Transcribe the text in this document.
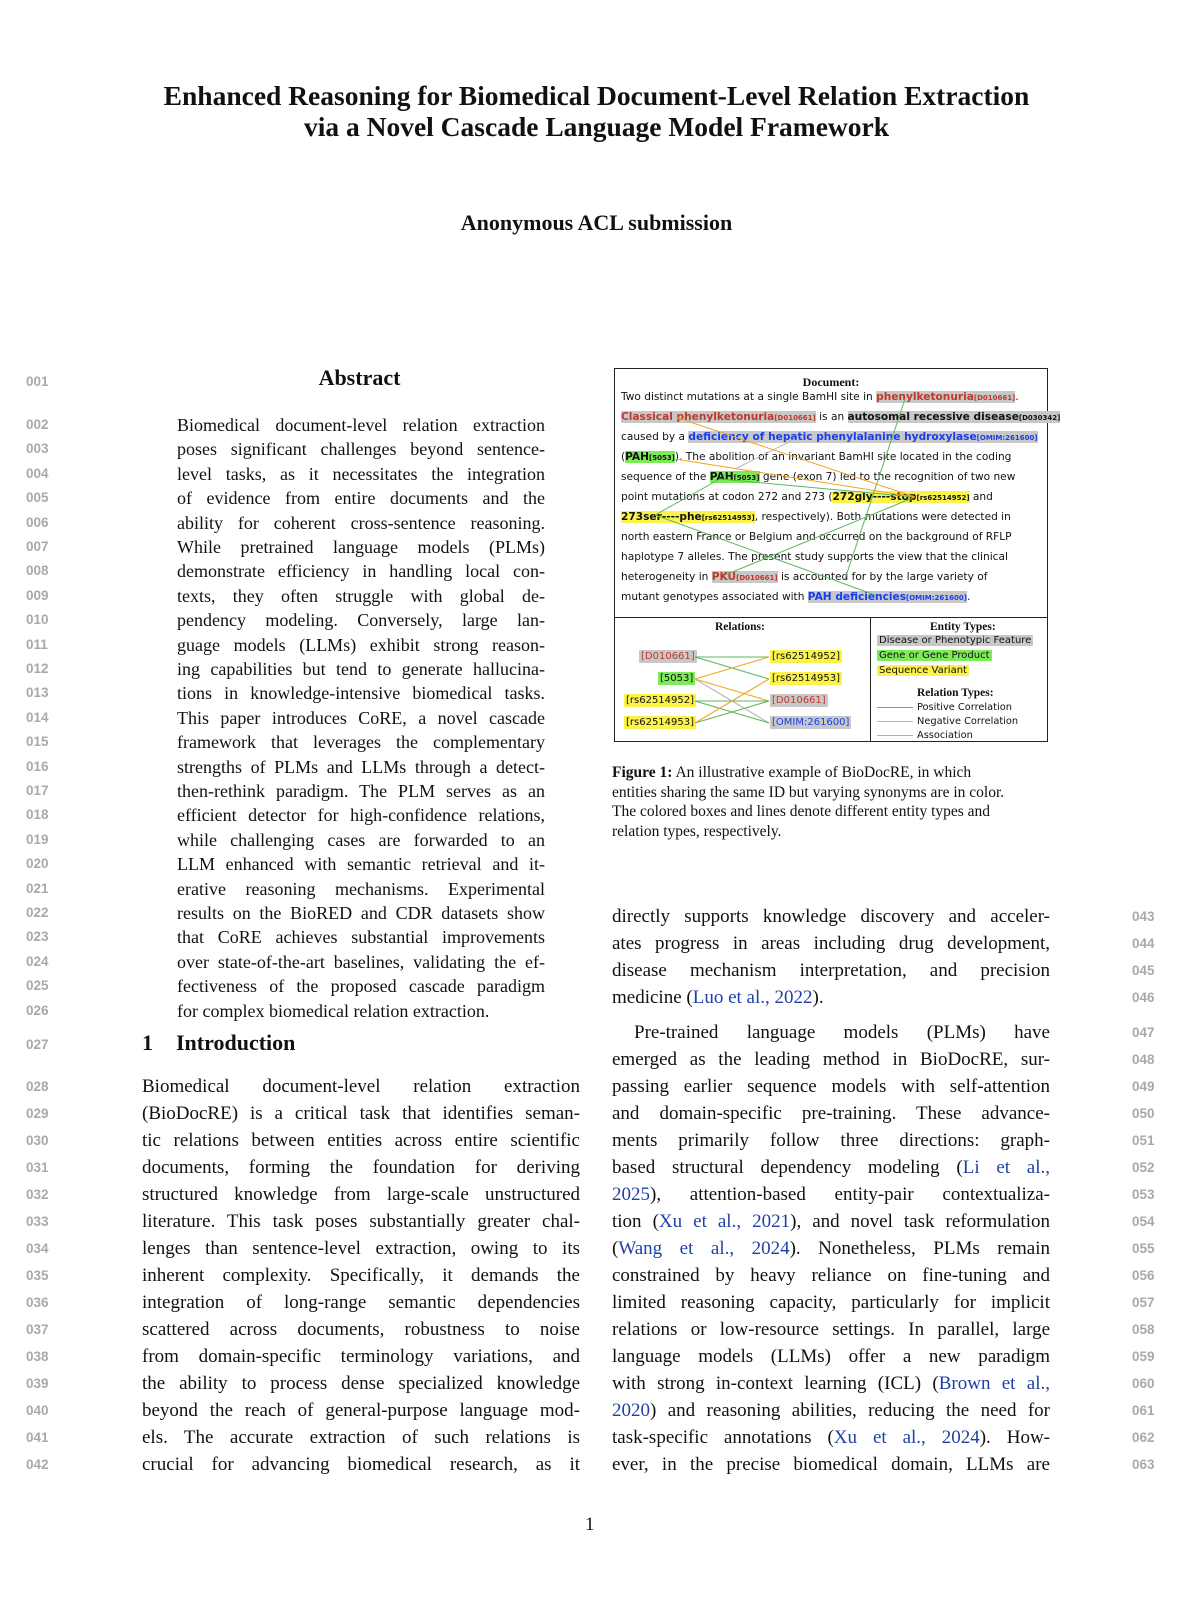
Enhanced Reasoning for Biomedical Document-Level Relation Extraction
via a Novel Cascade Language Model Framework
Anonymous ACL submission
001
002
003
004
005
006
007
008
009
010
011
012
013
014
015
016
017
018
019
020
021
022
023
024
025
026
027
028
029
030
031
032
033
034
035
036
037
038
039
040
041
042
043
044
045
046
047
048
049
050
051
052
053
054
055
056
057
058
059
060
061
062
063
Abstract
Biomedical document-level relation extraction
poses significant challenges beyond sentence-
level tasks, as it necessitates the integration
of evidence from entire documents and the
ability for coherent cross-sentence reasoning.
While pretrained language models (PLMs)
demonstrate efficiency in handling local con-
texts, they often struggle with global de-
pendency modeling. Conversely, large lan-
guage models (LLMs) exhibit strong reason-
ing capabilities but tend to generate hallucina-
tions in knowledge-intensive biomedical tasks.
This paper introduces CoRE, a novel cascade
framework that leverages the complementary
strengths of PLMs and LLMs through a detect-
then-rethink paradigm. The PLM serves as an
efficient detector for high-confidence relations,
while challenging cases are forwarded to an
LLM enhanced with semantic retrieval and it-
erative reasoning mechanisms. Experimental
results on the BioRED and CDR datasets show
that CoRE achieves substantial improvements
over state-of-the-art baselines, validating the ef-
fectiveness of the proposed cascade paradigm
for complex biomedical relation extraction.
1 Introduction
Biomedical document-level relation extraction
(BioDocRE) is a critical task that identifies seman-
tic relations between entities across entire scientific
documents, forming the foundation for deriving
structured knowledge from large-scale unstructured
literature. This task poses substantially greater chal-
lenges than sentence-level extraction, owing to its
inherent complexity. Specifically, it demands the
integration of long-range semantic dependencies
scattered across documents, robustness to noise
from domain-specific terminology variations, and
the ability to process dense specialized knowledge
beyond the reach of general-purpose language mod-
els. The accurate extraction of such relations is
crucial for advancing biomedical research, as it
Document:
Two distinct mutations at a single BamHI site in phenylketonuria[D010661].
Classical phenylketonuria[D010661] is an autosomal recessive disease[D030342]
caused by a deficiency of hepatic phenylalanine hydroxylase[OMIM:261600]
(PAH[5053]). The abolition of an invariant BamHI site located in the coding
sequence of the PAH[5053] gene (exon 7) led to the recognition of two new
point mutations at codon 272 and 273 (272gly----stop[rs62514952] and
273ser----phe[rs62514953], respectively). Both mutations were detected in
north eastern France or Belgium and occurred on the background of RFLP
haplotype 7 alleles. The present study supports the view that the clinical
heterogeneity in PKU[D010661] is accounted for by the large variety of
mutant genotypes associated with PAH deficiencies[OMIM:261600].
Relations:
[D010661]
[5053]
[rs62514952]
[rs62514953]
[rs62514952]
[rs62514953]
[D010661]
[OMIM:261600]
Entity Types:
Disease or Phenotypic Feature
Gene or Gene Product
Sequence Variant
Relation Types:
Positive Correlation
Negative Correlation
Association
Figure 1: An illustrative example of BioDocRE, in which
entities sharing the same ID but varying synonyms are in color.
The colored boxes and lines denote different entity types and
relation types, respectively.
directly supports knowledge discovery and acceler-
ates progress in areas including drug development,
disease mechanism interpretation, and precision
medicine (Luo et al., 2022).
Pre-trained language models (PLMs) have
emerged as the leading method in BioDocRE, sur-
passing earlier sequence models with self-attention
and domain-specific pre-training. These advance-
ments primarily follow three directions: graph-
based structural dependency modeling (Li et al.,
2025), attention-based entity-pair contextualiza-
tion (Xu et al., 2021), and novel task reformulation
(Wang et al., 2024). Nonetheless, PLMs remain
constrained by heavy reliance on fine-tuning and
limited reasoning capacity, particularly for implicit
relations or low-resource settings. In parallel, large
language models (LLMs) offer a new paradigm
with strong in-context learning (ICL) (Brown et al.,
2020) and reasoning abilities, reducing the need for
task-specific annotations (Xu et al., 2024). How-
ever, in the precise biomedical domain, LLMs are
1
